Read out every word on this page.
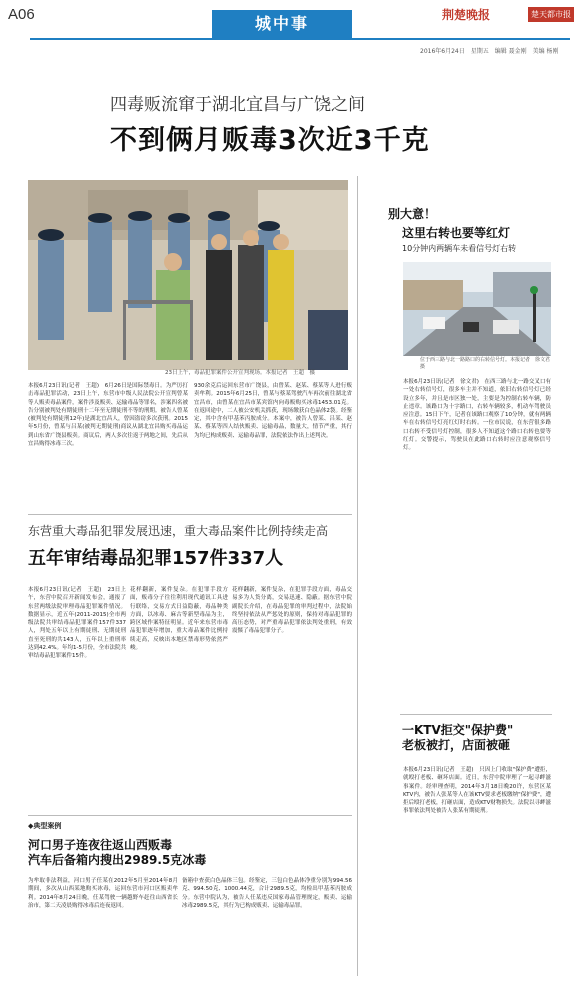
A06	城中事	荆楚晚报	楚天都市报
2016年6月24日　星期五　编辑 聂金刚　美编 杨刚
四毒贩流窜于湖北宜昌与广饶之间
不到俩月贩毒3次近3千克
23日上午，毒品犯罪案件公开宣判现场。本报记者　王超　摄
本报6月23日讯(记者　王超)　6月26日是国际禁毒日。为严厉打击毒品犯罪活动，23日上午，东营市中级人民法院公开宣判曾某等人贩卖毒品案件，案件涉及贩卖、运输毒品等罪名，涉案四名被告分别被判处有期徒刑十二年至无期徒刑不等的刑期。被告人曾某(被判处有期徒刑12年)是湖北宜昌人，曾因盗窃多次获刑。2015年5月份，曾某与吕某(被判无期徒刑)商议从湖北宜昌购买毒品运到山东省广饶县贩卖。商议后，两人多次往返于两地之间，先后从宜昌购得冰毒三次。
930余克后运回东营市广饶县，由曾某、赵某、蔡某等人进行贩卖牟利。2015年6月25日，曾某与蔡某驾驶汽车再次前往湖北省宜昌市，由曾某在宜昌市某宾馆内向毒贩购买冰毒1453.01克。在返回途中，二人被公安机关抓获，现场缴获白色晶体2袋。经鉴定，其中含有甲基苯丙胺成分。本案中，被告人曾某、吕某、赵某、蔡某等四人结伙贩卖、运输毒品，数量大，情节严重，其行为均已构成贩卖、运输毒品罪，法院依法作出上述判决。
东营重大毒品犯罪发展迅速，重大毒品案件比例持续走高
五年审结毒品犯罪157件337人
本报6月23日讯(记者　王超)　23日上午，东营中院召开新闻发布会，通报了东营两级法院审理毒品犯罪案件情况。数据显示，近五年(2011-2015)全市两级法院共审结毒品犯罪案件157件337人，判处五年以上有期徒刑、无期徒刑直至死刑的共143人，五年以上重刑率达到42.4%。年均1-5月份，全市法院共审结毒品犯罪案件15件。
花样翻新，案件复杂。在犯罪手段方面，贩毒分子往往利用现代通讯工具进行联络，交易方式日益隐蔽，毒品种类方面，以冰毒、麻古等新型毒品为主，跨区域作案特征明显。近年来东营市毒品犯罪逐年增加，重大毒品案件比例持续走高，反映出本地区禁毒形势依然严峻。
花样翻新，案件复杂，在犯罪手段方面，毒品交易多为人货分离，交易迅速、隐蔽。据东营中院副院长介绍，在毒品犯罪的审判过程中，法院始终坚持依法从严惩处的原则，保持对毒品犯罪的高压态势，对严重毒品犯罪依法判处重刑，有效震慑了毒品犯罪分子。
◆典型案例
河口男子连夜往返山西贩毒
汽车后备箱内搜出2989.5克冰毒
为牟取非法利益，河口男子任某在2012年5月至2014年8月期间，多次从山西某地购买冰毒，运回东营市河口区贩卖牟利。2014年8月24日晚，任某驾驶一辆越野车赶往山西省长治市，第二天凌晨购得冰毒后连夜返回。
备箱中查获白色晶体三包。经鉴定，三包白色晶体净重分别为994.56克、994.50克、1000.44克，合计2989.5克，均检出甲基苯丙胺成分。东营中院认为，被告人任某违反国家毒品管理规定，贩卖、运输冰毒2989.5克，其行为已构成贩卖、运输毒品罪。
别大意！
这里右转也要等红灯
10分钟内两辆车未看信号灯右转
位于西三路与北一路路口的右转信号灯。本报记者　徐文君　摄
本报6月23日讯(记者　徐文君)　在西三路与北一路交叉口有一处右转信号灯，很多车主并不知道，依旧右转信号灯已经设立多年，并且是市区独一处，主要是为控制右转车辆，防止违章。该路口为十字路口，右转车辆较多，机动车驾驶员应注意。15日下午，记者在该路口观察了10分钟，就有两辆车在右转信号灯亮红灯时右转。一位市民说，在东营很多路口右转不受信号灯控制，很多人不知道这个路口右转也要等红灯。交警提示，驾驶员在此路口右转时应注意观察信号灯。
一KTV拒交"保护费"
老板被打，店面被砸
本报6月23日讯(记者　王超)　只因上门收取"保护费"遭拒，就殴打老板、砸坏店面。近日，东营中院审理了一起寻衅滋事案件。经审理查明，2014年3月18日晚20许，东营区某KTV内，被告人张某等人在该KTV要求老板缴纳"保护费"，遭拒后殴打老板，打砸店面，造成KTV财物损失。法院以寻衅滋事罪依法判处被告人张某有期徒刑。
